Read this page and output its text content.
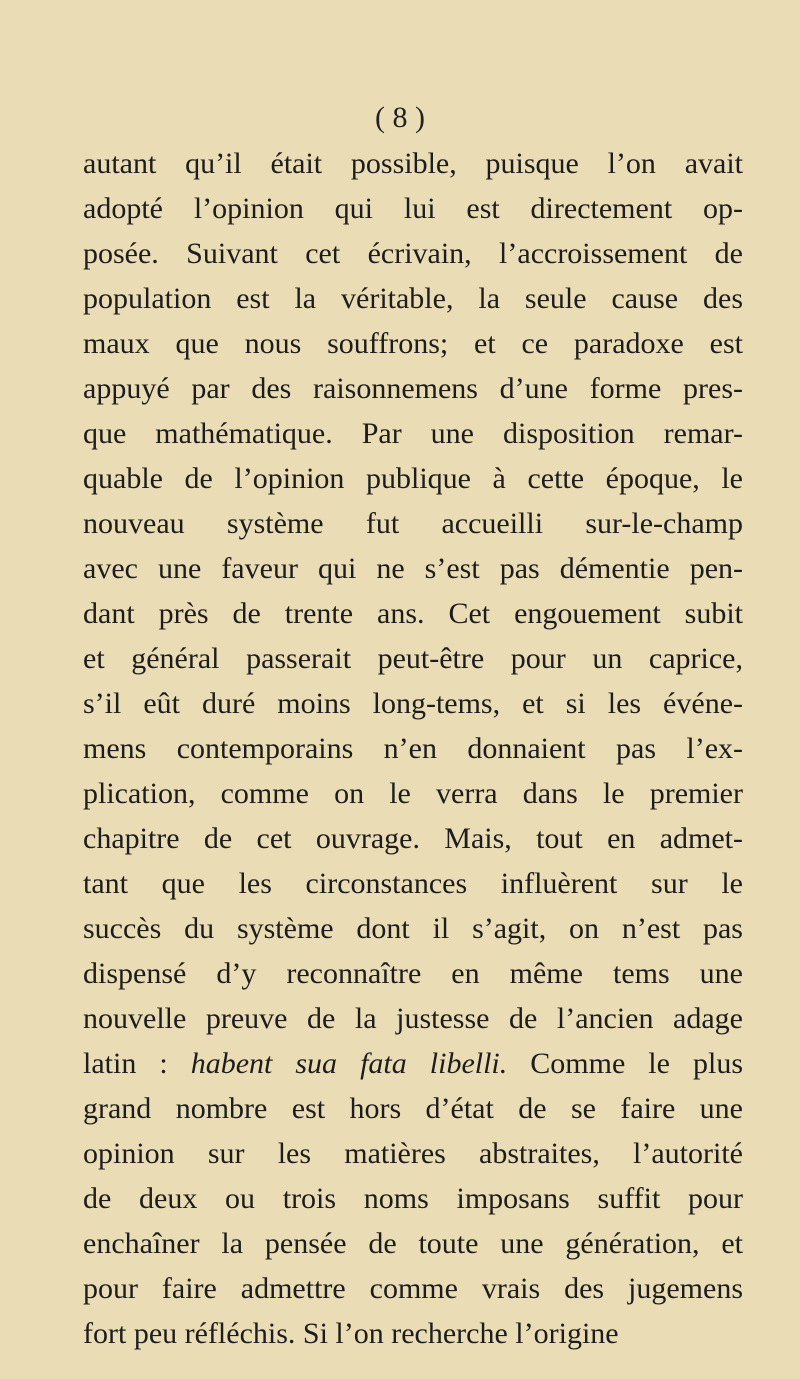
( 8 )
autant qu’il était possible, puisque l’on avait
adopté l’opinion qui lui est directement op-
posée. Suivant cet écrivain, l’accroissement de
population est la véritable, la seule cause des
maux que nous souffrons; et ce paradoxe est
appuyé par des raisonnemens d’une forme pres-
que mathématique. Par une disposition remar-
quable de l’opinion publique à cette époque, le
nouveau système fut accueilli sur-le-champ
avec une faveur qui ne s’est pas démentie pen-
dant près de trente ans. Cet engouement subit
et général passerait peut-être pour un caprice,
s’il eût duré moins long-tems, et si les événe-
mens contemporains n’en donnaient pas l’ex-
plication, comme on le verra dans le premier
chapitre de cet ouvrage. Mais, tout en admet-
tant que les circonstances influèrent sur le
succès du système dont il s’agit, on n’est pas
dispensé d’y reconnaître en même tems une
nouvelle preuve de la justesse de l’ancien adage
latin : habent sua fata libelli. Comme le plus
grand nombre est hors d’état de se faire une
opinion sur les matières abstraites, l’autorité
de deux ou trois noms imposans suffit pour
enchaîner la pensée de toute une génération, et
pour faire admettre comme vrais des jugemens
fort peu réfléchis. Si l’on recherche l’origine
